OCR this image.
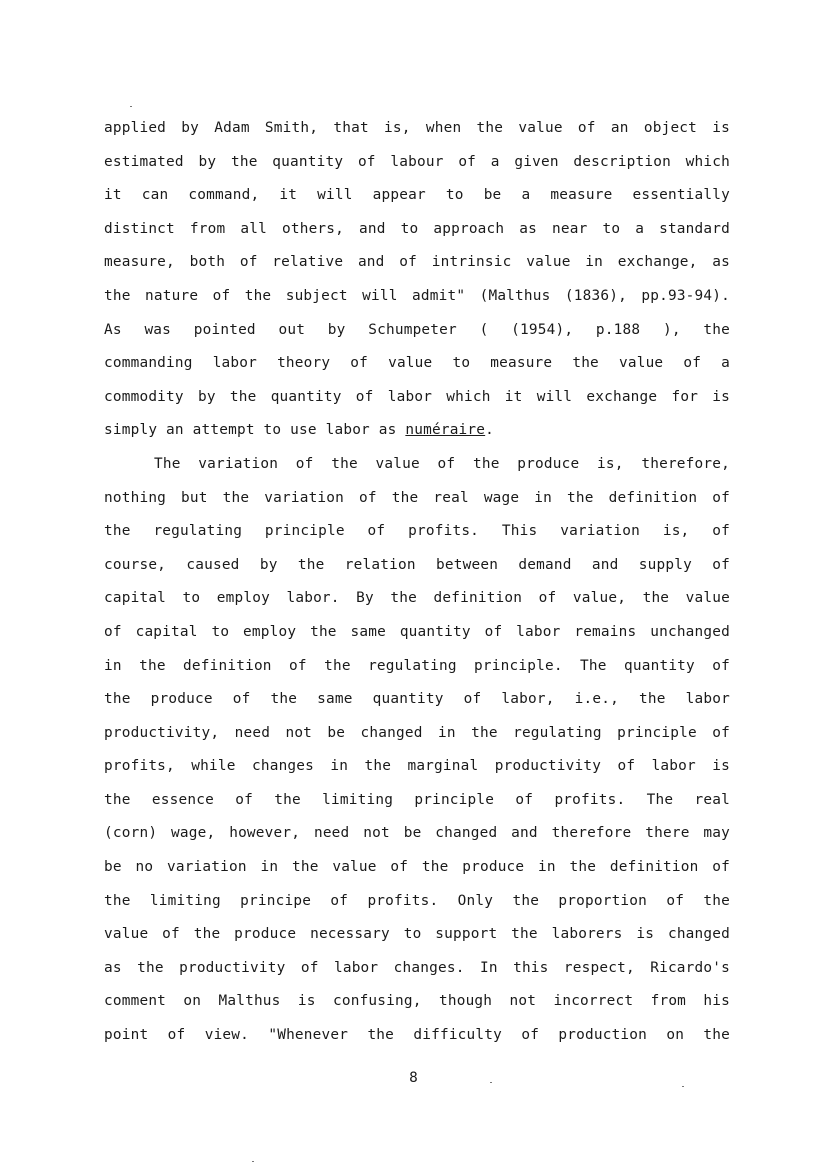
applied by Adam Smith, that is, when the value of an object is
estimated by the quantity of labour of a given description which
it can command, it will appear to be a measure essentially
distinct from all others, and to approach as near to a standard
measure, both of relative and of intrinsic value in exchange, as
the nature of the subject will admit" (Malthus (1836), pp.93-94).
As was pointed out by Schumpeter ( (1954), p.188 ), the
commanding labor theory of value to measure the value of a
commodity by the quantity of labor which it will exchange for is
simply an attempt to use labor as numéraire.
The variation of the value of the produce is, therefore,
nothing but the variation of the real wage in the definition of
the regulating principle of profits. This variation is, of
course, caused by the relation between demand and supply of
capital to employ labor. By the definition of value, the value
of capital to employ the same quantity of labor remains unchanged
in the definition of the regulating principle. The quantity of
the produce of the same quantity of labor, i.e., the labor
productivity, need not be changed in the regulating principle of
profits, while changes in the marginal productivity of labor is
the essence of the limiting principle of profits. The real
(corn) wage, however, need not be changed and therefore there may
be no variation in the value of the produce in the definition of
the limiting principe of profits. Only the proportion of the
value of the produce necessary to support the laborers is changed
as the productivity of labor changes. In this respect, Ricardo's
comment on Malthus is confusing, though not incorrect from his
point of view. "Whenever the difficulty of production on the
8
